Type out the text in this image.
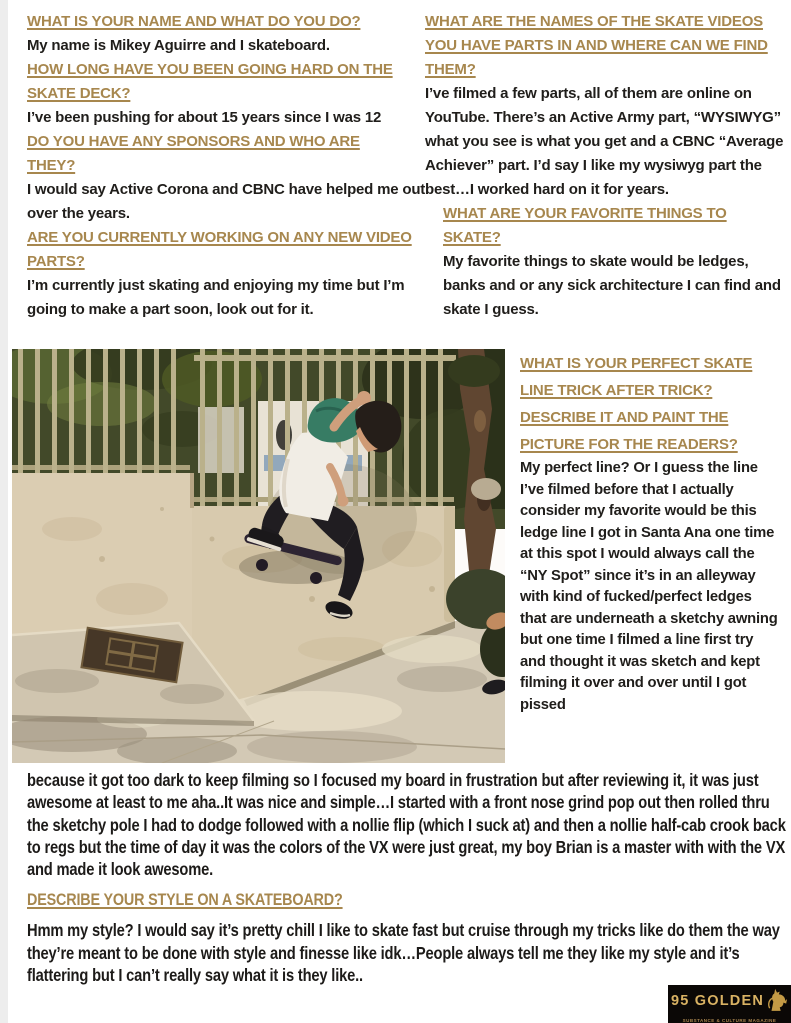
WHAT IS YOUR NAME AND WHAT DO YOU DO?

My name is Mikey Aguirre and I skateboard.

HOW LONG HAVE YOU BEEN GOING HARD ON THE
SKATE DECK?

I’ve been pushing for about 15 years since I was 12

DO YOU HAVE ANY SPONSORS AND WHO ARE
THEY?

I would say Active Corona and CBNC have helped me out over the years.

ARE YOU CURRENTLY WORKING ON ANY NEW VIDEO
PARTS?

I’m currently just skating and enjoying my time but I’m going to make a part soon, look out for it.

WHAT ARE THE NAMES OF THE SKATE VIDEOS
YOU HAVE PARTS IN AND WHERE CAN WE FIND
THEM?

I’ve filmed a few parts, all of them are online on YouTube. There’s an Active Army part, “WYSIWYG” what you see is what you get and a CBNC “Average Achiever” part. I’d say I like my wysiwyg part the best…I worked hard on it for years.

WHAT ARE YOUR FAVORITE THINGS TO
SKATE?

My favorite things to skate would be ledges, banks and or any sick architecture I can find and skate I guess.

WHAT IS YOUR PERFECT SKATE
LINE TRICK AFTER TRICK?
DESCRIBE IT AND PAINT THE
PICTURE FOR THE READERS?

My perfect line? Or I guess the line I’ve filmed before that I actually consider my favorite would be this ledge line I got in Santa Ana one time at this spot I would always call the “NY Spot” since it’s in an alleyway with kind of fucked/perfect ledges that are underneath a sketchy awning but one time I filmed a line first try and thought it was sketch and kept filming it over and over until I got pissed

because it got too dark to keep filming so I focused my board in frustration but after reviewing it, it was just awesome at least to me aha..It was nice and simple…I started with a front nose grind pop out then rolled thru the sketchy pole I had to dodge followed with a nollie flip (which I suck at) and then a nollie half-cab crook back to regs but the time of day it was the colors of the VX were just great, my boy Brian is a master with with the VX and made it look awesome.

DESCRIBE YOUR STYLE ON A SKATEBOARD?

Hmm my style? I would say it’s pretty chill I like to skate fast but cruise through my tricks like do them the way they’re meant to be done with style and finesse like idk…People always tell me they like my style and it’s flattering but I can’t really say what it is they like..

95 GOLDEN
SUBSTANCE & CULTURE MAGAZINE
